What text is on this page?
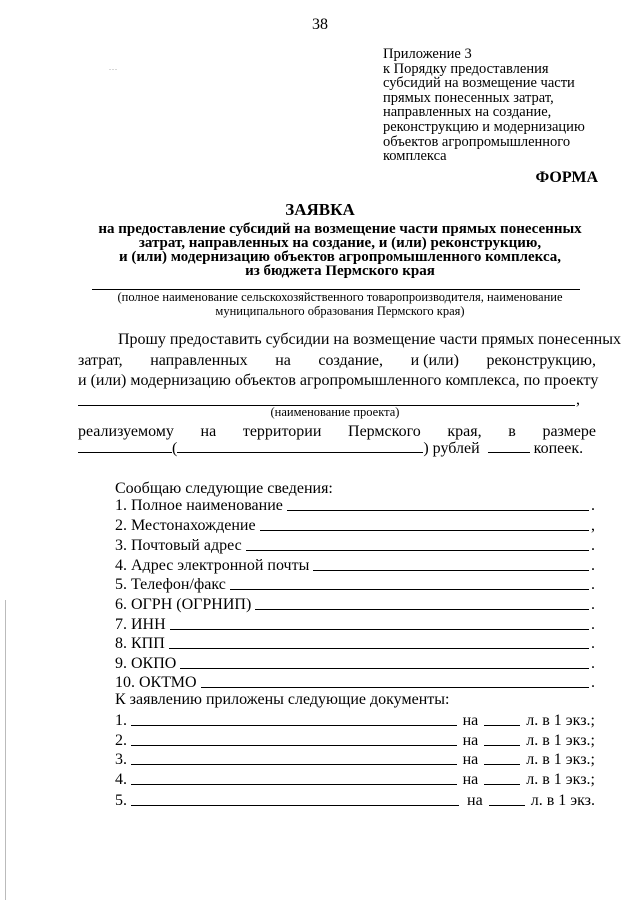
38
...
Приложение 3
к Порядку предоставления
субсидий на возмещение части
прямых понесенных затрат,
направленных на создание,
реконструкцию и модернизацию
объектов агропромышленного
комплекса
ФОРМА
ЗАЯВКА
на предоставление субсидий на возмещение части прямых понесенных
затрат, направленных на создание, и (или) реконструкцию,
и (или) модернизацию объектов агропромышленного комплекса,
из бюджета Пермского края
(полное наименование сельскохозяйственного товаропроизводителя, наименование
муниципального образования Пермского края)
Прошу предоставить субсидии на возмещение части прямых понесенных
затрат, направленных на создание, и (или) реконструкцию,
и (или) модернизацию объектов агропромышленного комплекса, по проекту
,
(наименование проекта)
реализуемому на территории Пермского края, в размере
(	) рублей	копеек.
Сообщаю следующие сведения:
1. Полное наименование	.
2. Местонахождение	,
3. Почтовый адрес	.
4. Адрес электронной почты	.
5. Телефон/факс	.
6. ОГРН (ОГРНИП)	.
7. ИНН	.
8. КПП	.
9. ОКПО	.
10. ОКТМО	.
К заявлению приложены следующие документы:
1.	на	л. в 1 экз.;
2.	на	л. в 1 экз.;
3.	на	л. в 1 экз.;
4.	на	л. в 1 экз.;
5.	на	л. в 1 экз.
